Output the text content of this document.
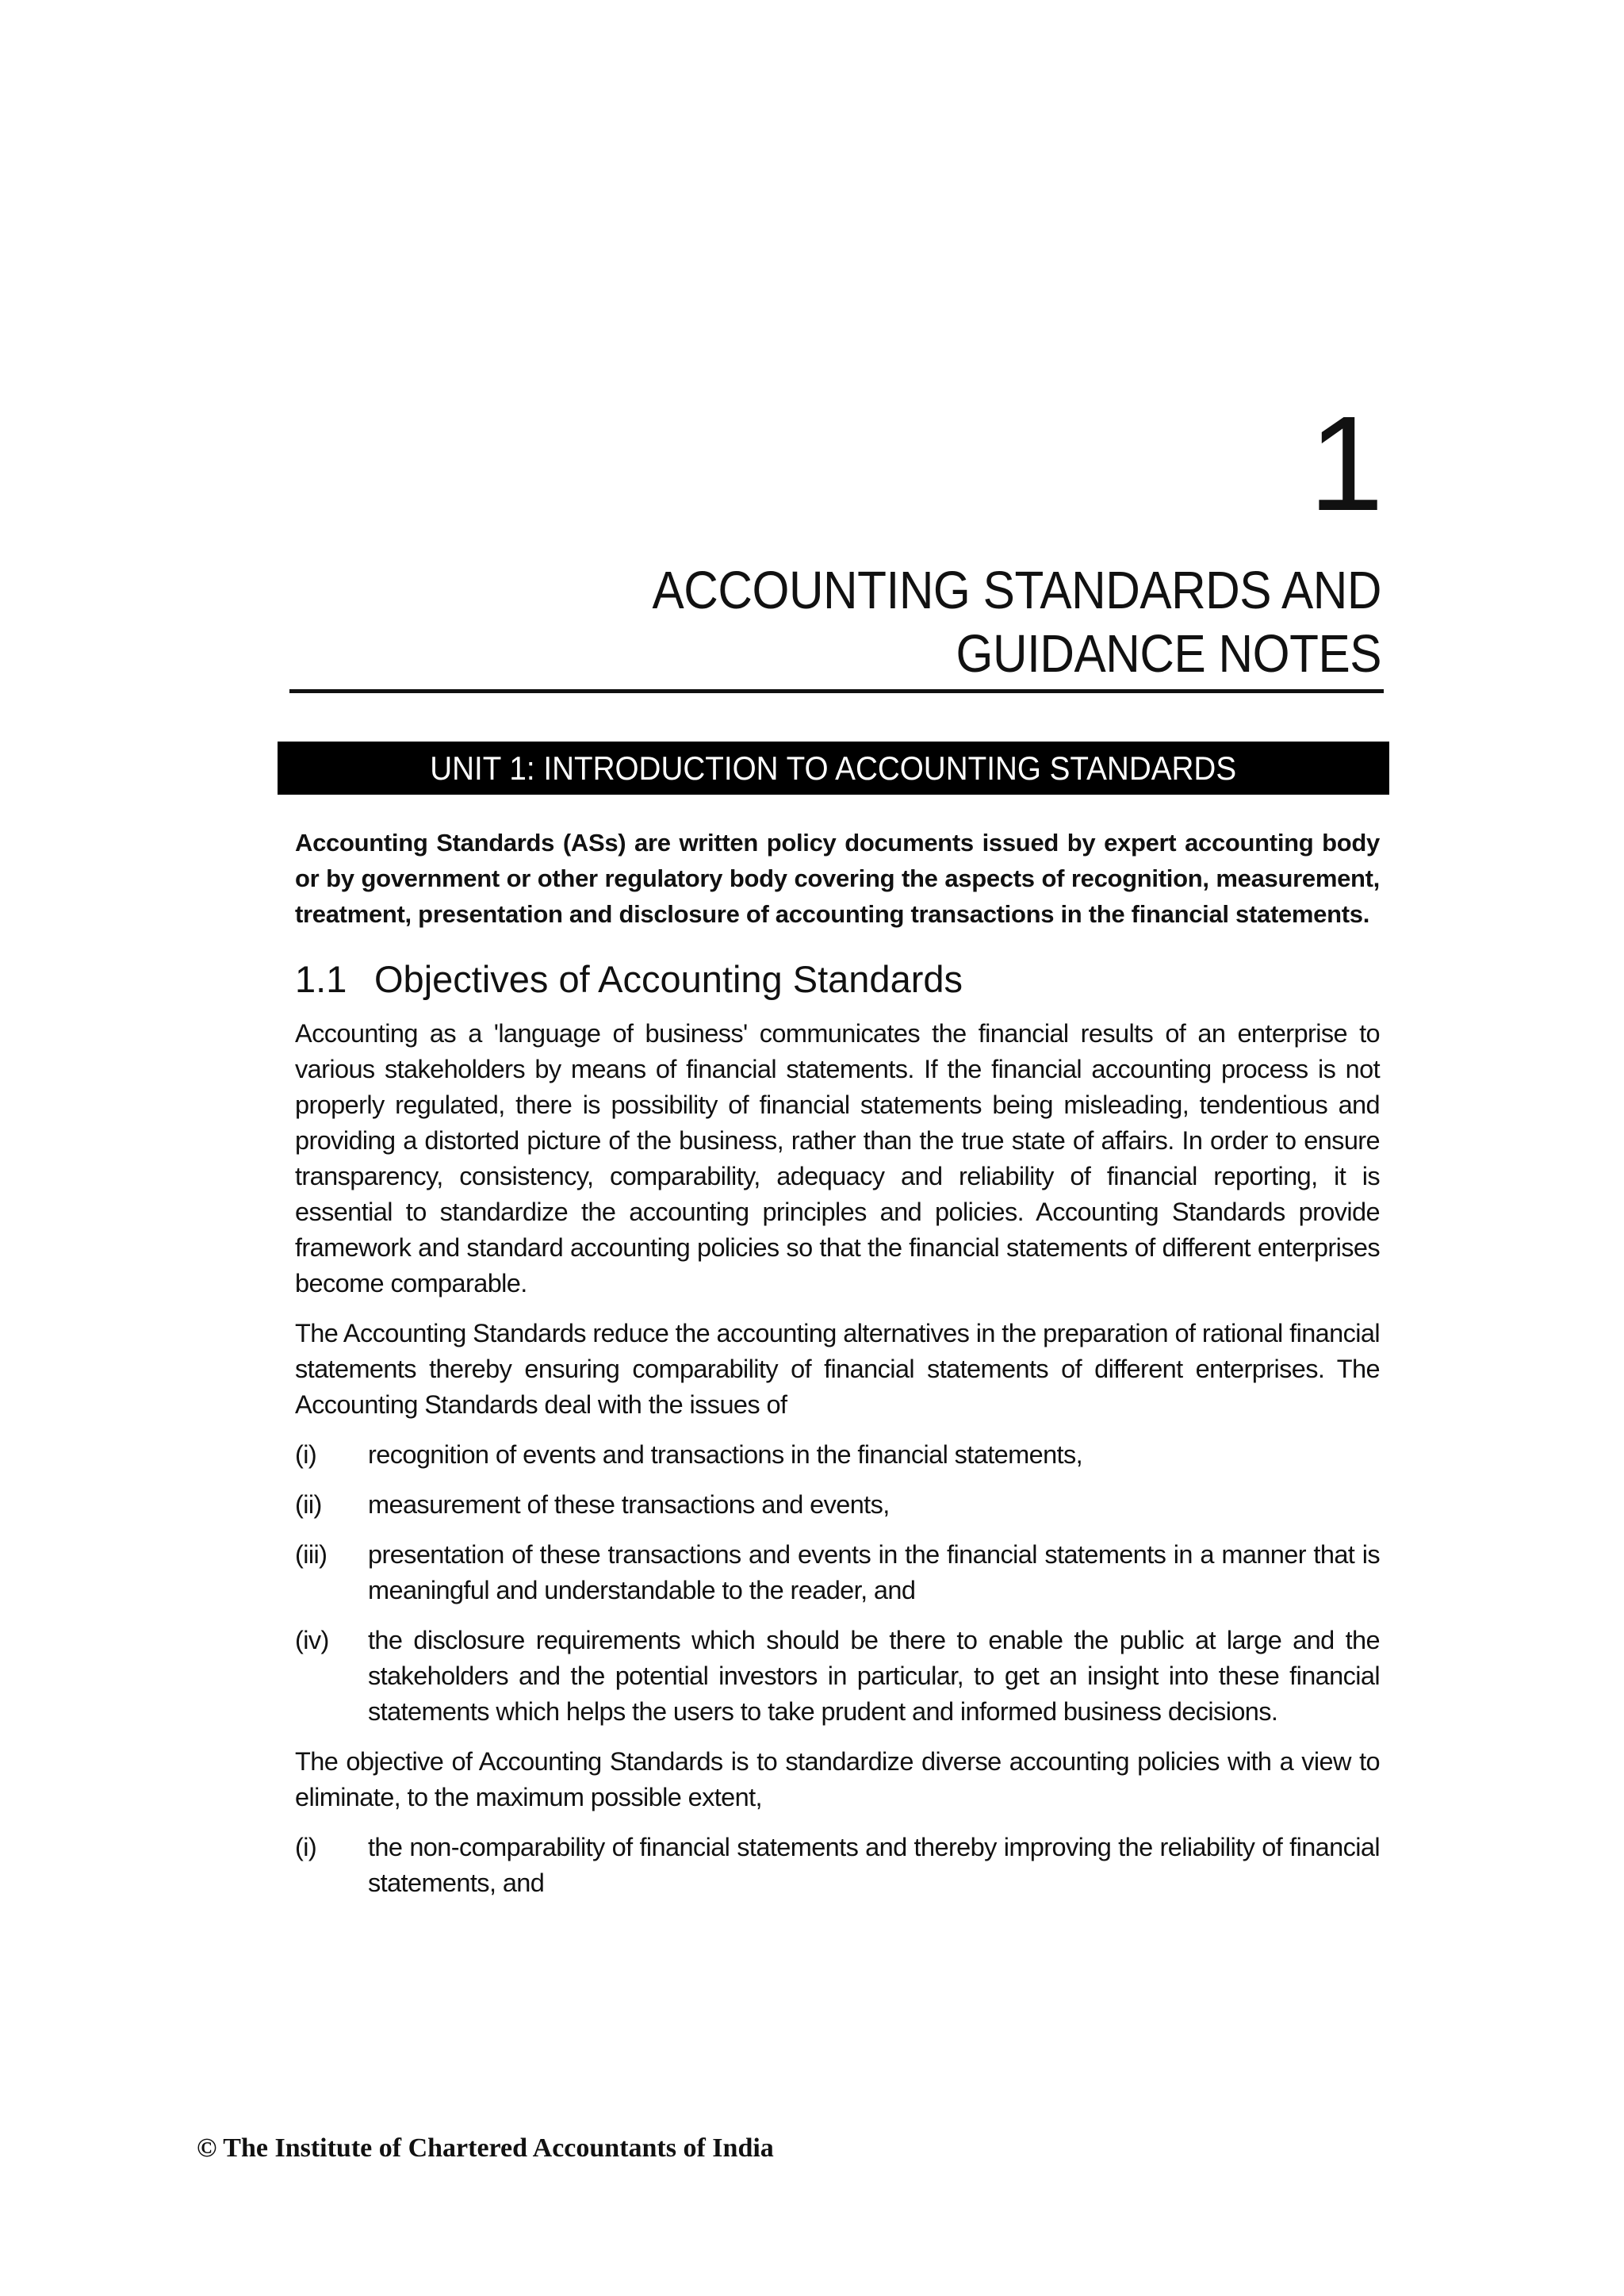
1
ACCOUNTING STANDARDS AND GUIDANCE NOTES
UNIT 1: INTRODUCTION TO ACCOUNTING STANDARDS

Accounting Standards (ASs) are written policy documents issued by expert accounting body or by government or other regulatory body covering the aspects of recognition, measurement, treatment, presentation and disclosure of accounting transactions in the financial statements.

1.1 Objectives of Accounting Standards

Accounting as a 'language of business' communicates the financial results of an enterprise to various stakeholders by means of financial statements. If the financial accounting process is not properly regulated, there is possibility of financial statements being misleading, tendentious and providing a distorted picture of the business, rather than the true state of affairs. In order to ensure transparency, consistency, comparability, adequacy and reliability of financial reporting, it is essential to standardize the accounting principles and policies. Accounting Standards provide framework and standard accounting policies so that the financial statements of different enterprises become comparable.

The Accounting Standards reduce the accounting alternatives in the preparation of rational financial statements thereby ensuring comparability of financial statements of different enterprises. The Accounting Standards deal with the issues of

(i)	recognition of events and transactions in the financial statements,
(ii)	measurement of these transactions and events,
(iii)	presentation of these transactions and events in the financial statements in a manner that is meaningful and understandable to the reader, and
(iv)	the disclosure requirements which should be there to enable the public at large and the stakeholders and the potential investors in particular, to get an insight into these financial statements which helps the users to take prudent and informed business decisions.

The objective of Accounting Standards is to standardize diverse accounting policies with a view to eliminate, to the maximum possible extent,

(i)	the non-comparability of financial statements and thereby improving the reliability of financial statements, and
© The Institute of Chartered Accountants of India
